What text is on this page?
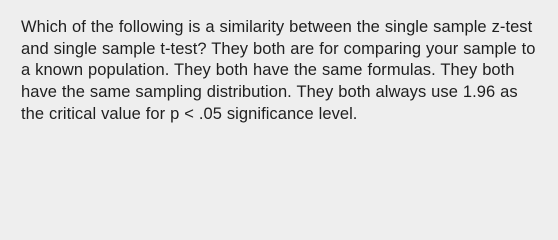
Which of the following is a similarity between the single sample z-test and single sample t-test? They both are for comparing your sample to a known population. They both have the same formulas. They both have the same sampling distribution. They both always use 1.96 as the critical value for p < .05 significance level.
